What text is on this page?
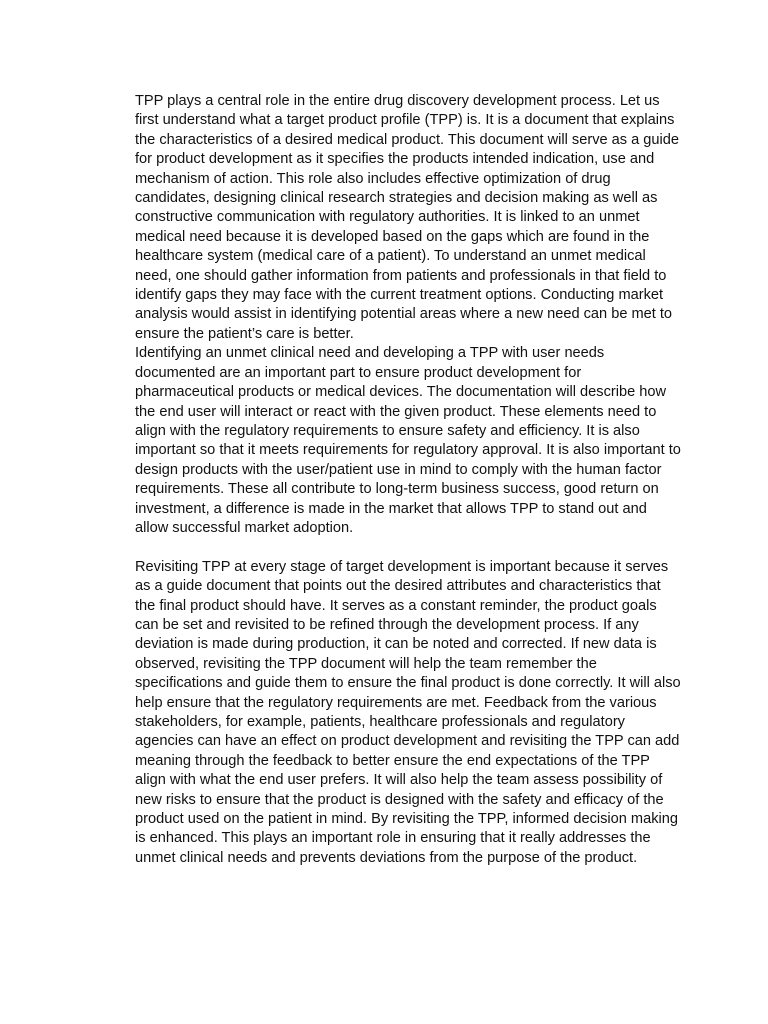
TPP plays a central role in the entire drug discovery development process. Let us first understand what a target product profile (TPP) is. It is a document that explains the characteristics of a desired medical product. This document will serve as a guide for product development as it specifies the products intended indication, use and mechanism of action. This role also includes effective optimization of drug candidates, designing clinical research strategies and decision making as well as constructive communication with regulatory authorities. It is linked to an unmet medical need because it is developed based on the gaps which are found in the healthcare system (medical care of a patient). To understand an unmet medical need, one should gather information from patients and professionals in that field to identify gaps they may face with the current treatment options. Conducting market analysis would assist in identifying potential areas where a new need can be met to ensure the patient’s care is better.

Identifying an unmet clinical need and developing a TPP with user needs documented are an important part to ensure product development for pharmaceutical products or medical devices. The documentation will describe how the end user will interact or react with the given product. These elements need to align with the regulatory requirements to ensure safety and efficiency. It is also important so that it meets requirements for regulatory approval. It is also important to design products with the user/patient use in mind to comply with the human factor requirements. These all contribute to long-term business success, good return on investment, a difference is made in the market that allows TPP to stand out and allow successful market adoption.

Revisiting TPP at every stage of target development is important because it serves as a guide document that points out the desired attributes and characteristics that the final product should have. It serves as a constant reminder, the product goals can be set and revisited to be refined through the development process. If any deviation is made during production, it can be noted and corrected. If new data is observed, revisiting the TPP document will help the team remember the specifications and guide them to ensure the final product is done correctly. It will also help ensure that the regulatory requirements are met. Feedback from the various stakeholders, for example, patients, healthcare professionals and regulatory agencies can have an effect on product development and revisiting the TPP can add meaning through the feedback to better ensure the end expectations of the TPP align with what the end user prefers. It will also help the team assess possibility of new risks to ensure that the product is designed with the safety and efficacy of the product used on the patient in mind. By revisiting the TPP, informed decision making is enhanced. This plays an important role in ensuring that it really addresses the unmet clinical needs and prevents deviations from the purpose of the product.
